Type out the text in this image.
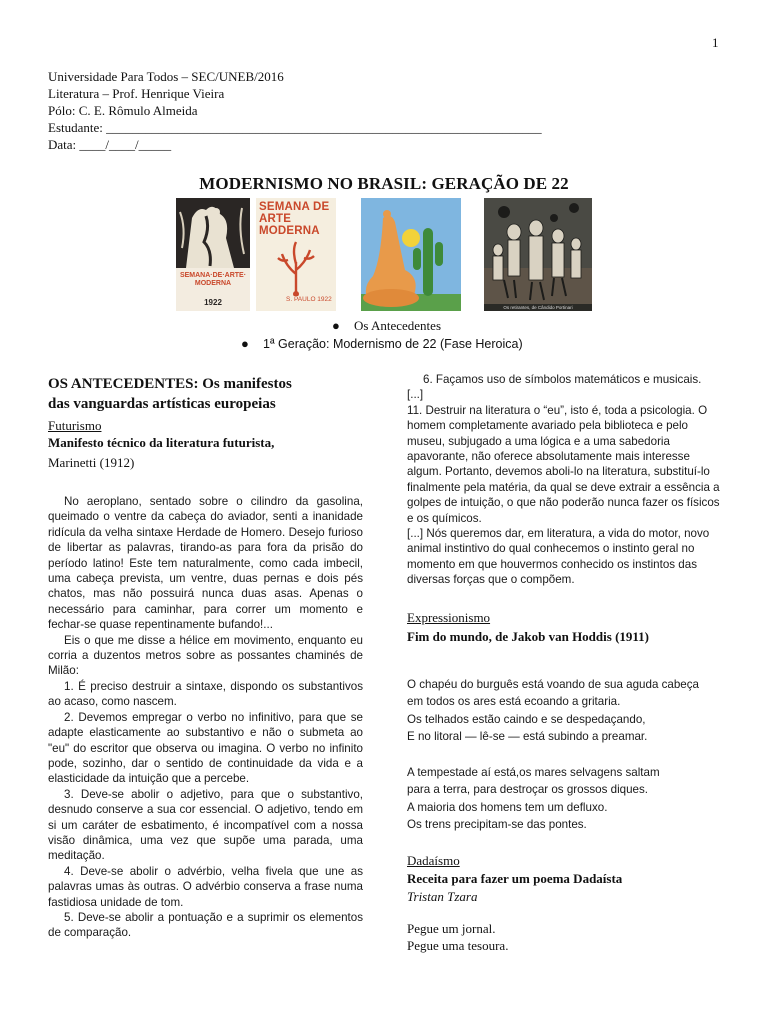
1
Universidade Para Todos – SEC/UNEB/2016
Literatura – Prof. Henrique Vieira
Pólo: C. E. Rômulo Almeida
Estudante: ___________________________________________________________________
Data: ____/____/_____
MODERNISMO NO BRASIL: GERAÇÃO DE 22
SEMANA·DE·ARTE· MODERNA
1922
SEMANA DE ARTE MODERNA
S. PAULO 1922
Os retirantes, de Cândido Portinari
● Os Antecedentes
● 1ª Geração: Modernismo de 22 (Fase Heroica)
OS ANTECEDENTES: Os manifestos
das vanguardas artísticas europeias
Futurismo
Manifesto técnico da literatura futurista,
Marinetti (1912)

No aeroplano, sentado sobre o cilindro da gasolina, queimado o ventre da cabeça do aviador, senti a inanidade ridícula da velha sintaxe Herdade de Homero. Desejo furioso de libertar as palavras, tirando-as para fora da prisão do período latino! Este tem naturalmente, como cada imbecil, uma cabeça prevista, um ventre, duas pernas e dois pés chatos, mas não possuirá nunca duas asas. Apenas o necessário para caminhar, para correr um momento e fechar-se quase repentinamente bufando!...

Eis o que me disse a hélice em movimento, enquanto eu corria a duzentos metros sobre as possantes chaminés de Milão:

1. É preciso destruir a sintaxe, dispondo os substantivos ao acaso, como nascem.

2. Devemos empregar o verbo no infinitivo, para que se adapte elasticamente ao substantivo e não o submeta ao "eu" do escritor que observa ou imagina. O verbo no infinito pode, sozinho, dar o sentido de continuidade da vida e a elasticidade da intuição que a percebe.

3. Deve-se abolir o adjetivo, para que o substantivo, desnudo conserve a sua cor essencial. O adjetivo, tendo em si um caráter de esbatimento, é incompatível com a nossa visão dinâmica, uma vez que supõe uma parada, uma meditação.

4. Deve-se abolir o advérbio, velha fivela que une as palavras umas às outras. O advérbio conserva a frase numa fastidiosa unidade de tom.

5. Deve-se abolir a pontuação e a suprimir os elementos de comparação.

6. Façamos uso de símbolos matemáticos e musicais.

[...]

11. Destruir na literatura o “eu”, isto é, toda a psicologia. O homem completamente avariado pela biblioteca e pelo museu, subjugado a uma lógica e a uma sabedoria apavorante, não oferece absolutamente mais interesse algum. Portanto, devemos aboli-lo na literatura, substituí-lo finalmente pela matéria, da qual se deve extrair a essência a golpes de intuição, o que não poderão nunca fazer os físicos e os químicos.

[...] Nós queremos dar, em literatura, a vida do motor, novo animal instintivo do qual conhecemos o instinto geral no momento em que houvermos conhecido os instintos das diversas forças que o compõem.

Expressionismo
Fim do mundo, de Jakob van Hoddis (1911)
O chapéu do burguês está voando de sua aguda cabeça
em todos os ares está ecoando a gritaria.
Os telhados estão caindo e se despedaçando,
E no litoral — lê-se — está subindo a preamar.
A tempestade aí está,os mares selvagens saltam
para a terra, para destroçar os grossos diques.
A maioria dos homens tem um defluxo.
Os trens precipitam-se das pontes.
Dadaísmo
Receita para fazer um poema Dadaísta
Tristan Tzara
Pegue um jornal.
Pegue uma tesoura.
